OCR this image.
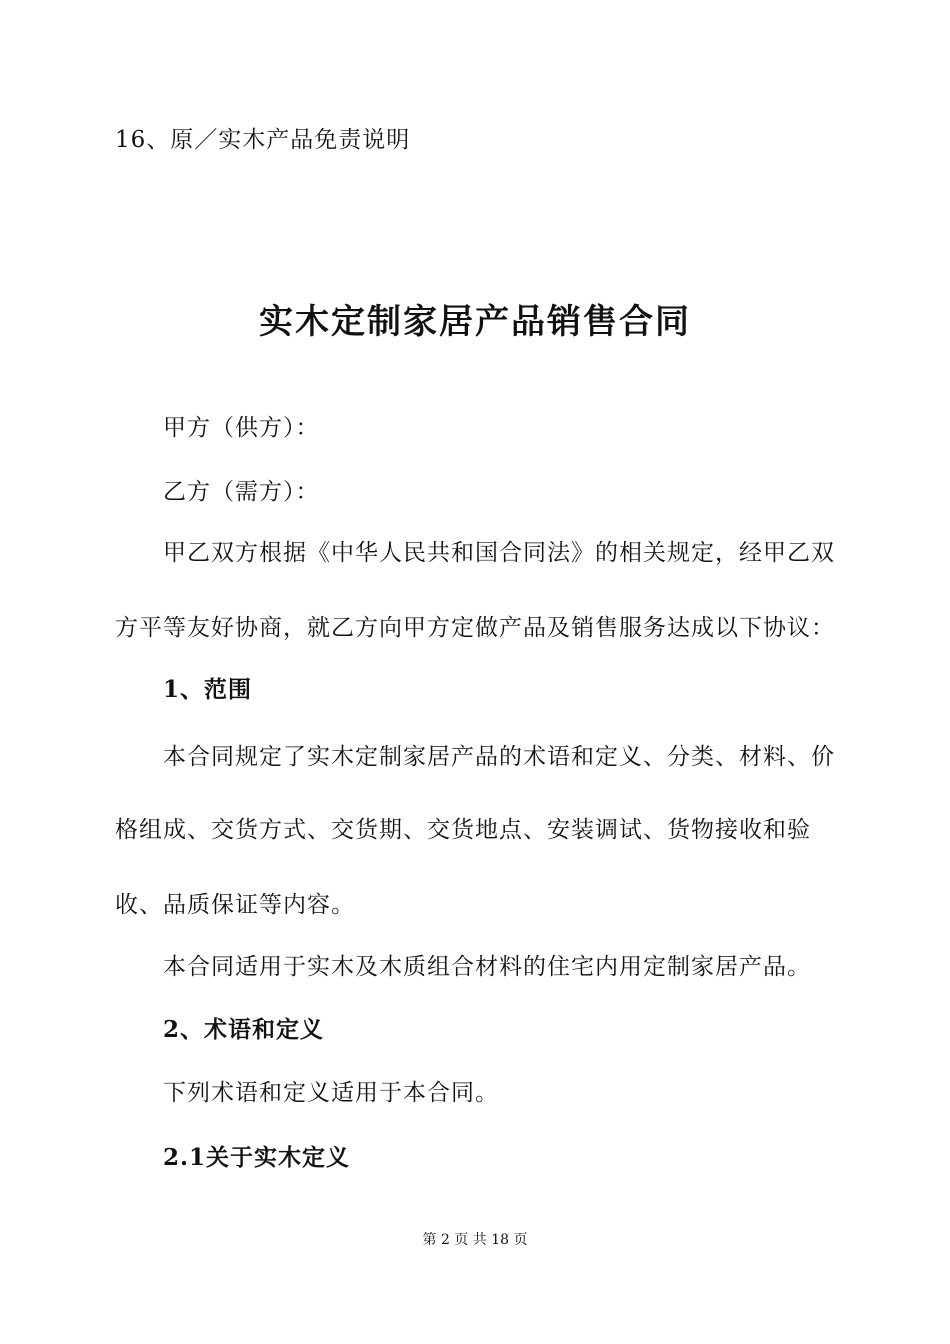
16、原／实木产品免责说明
实木定制家居产品销售合同
甲方（供方）：
乙方（需方）：
甲乙双方根据《中华人民共和国合同法》的相关规定，经甲乙双
方平等友好协商，就乙方向甲方定做产品及销售服务达成以下协议：
1、范围
本合同规定了实木定制家居产品的术语和定义、分类、材料、价
格组成、交货方式、交货期、交货地点、安装调试、货物接收和验
收、品质保证等内容。
本合同适用于实木及木质组合材料的住宅内用定制家居产品。
2、术语和定义
下列术语和定义适用于本合同。
2.1关于实木定义
第 2 页 共 18 页
